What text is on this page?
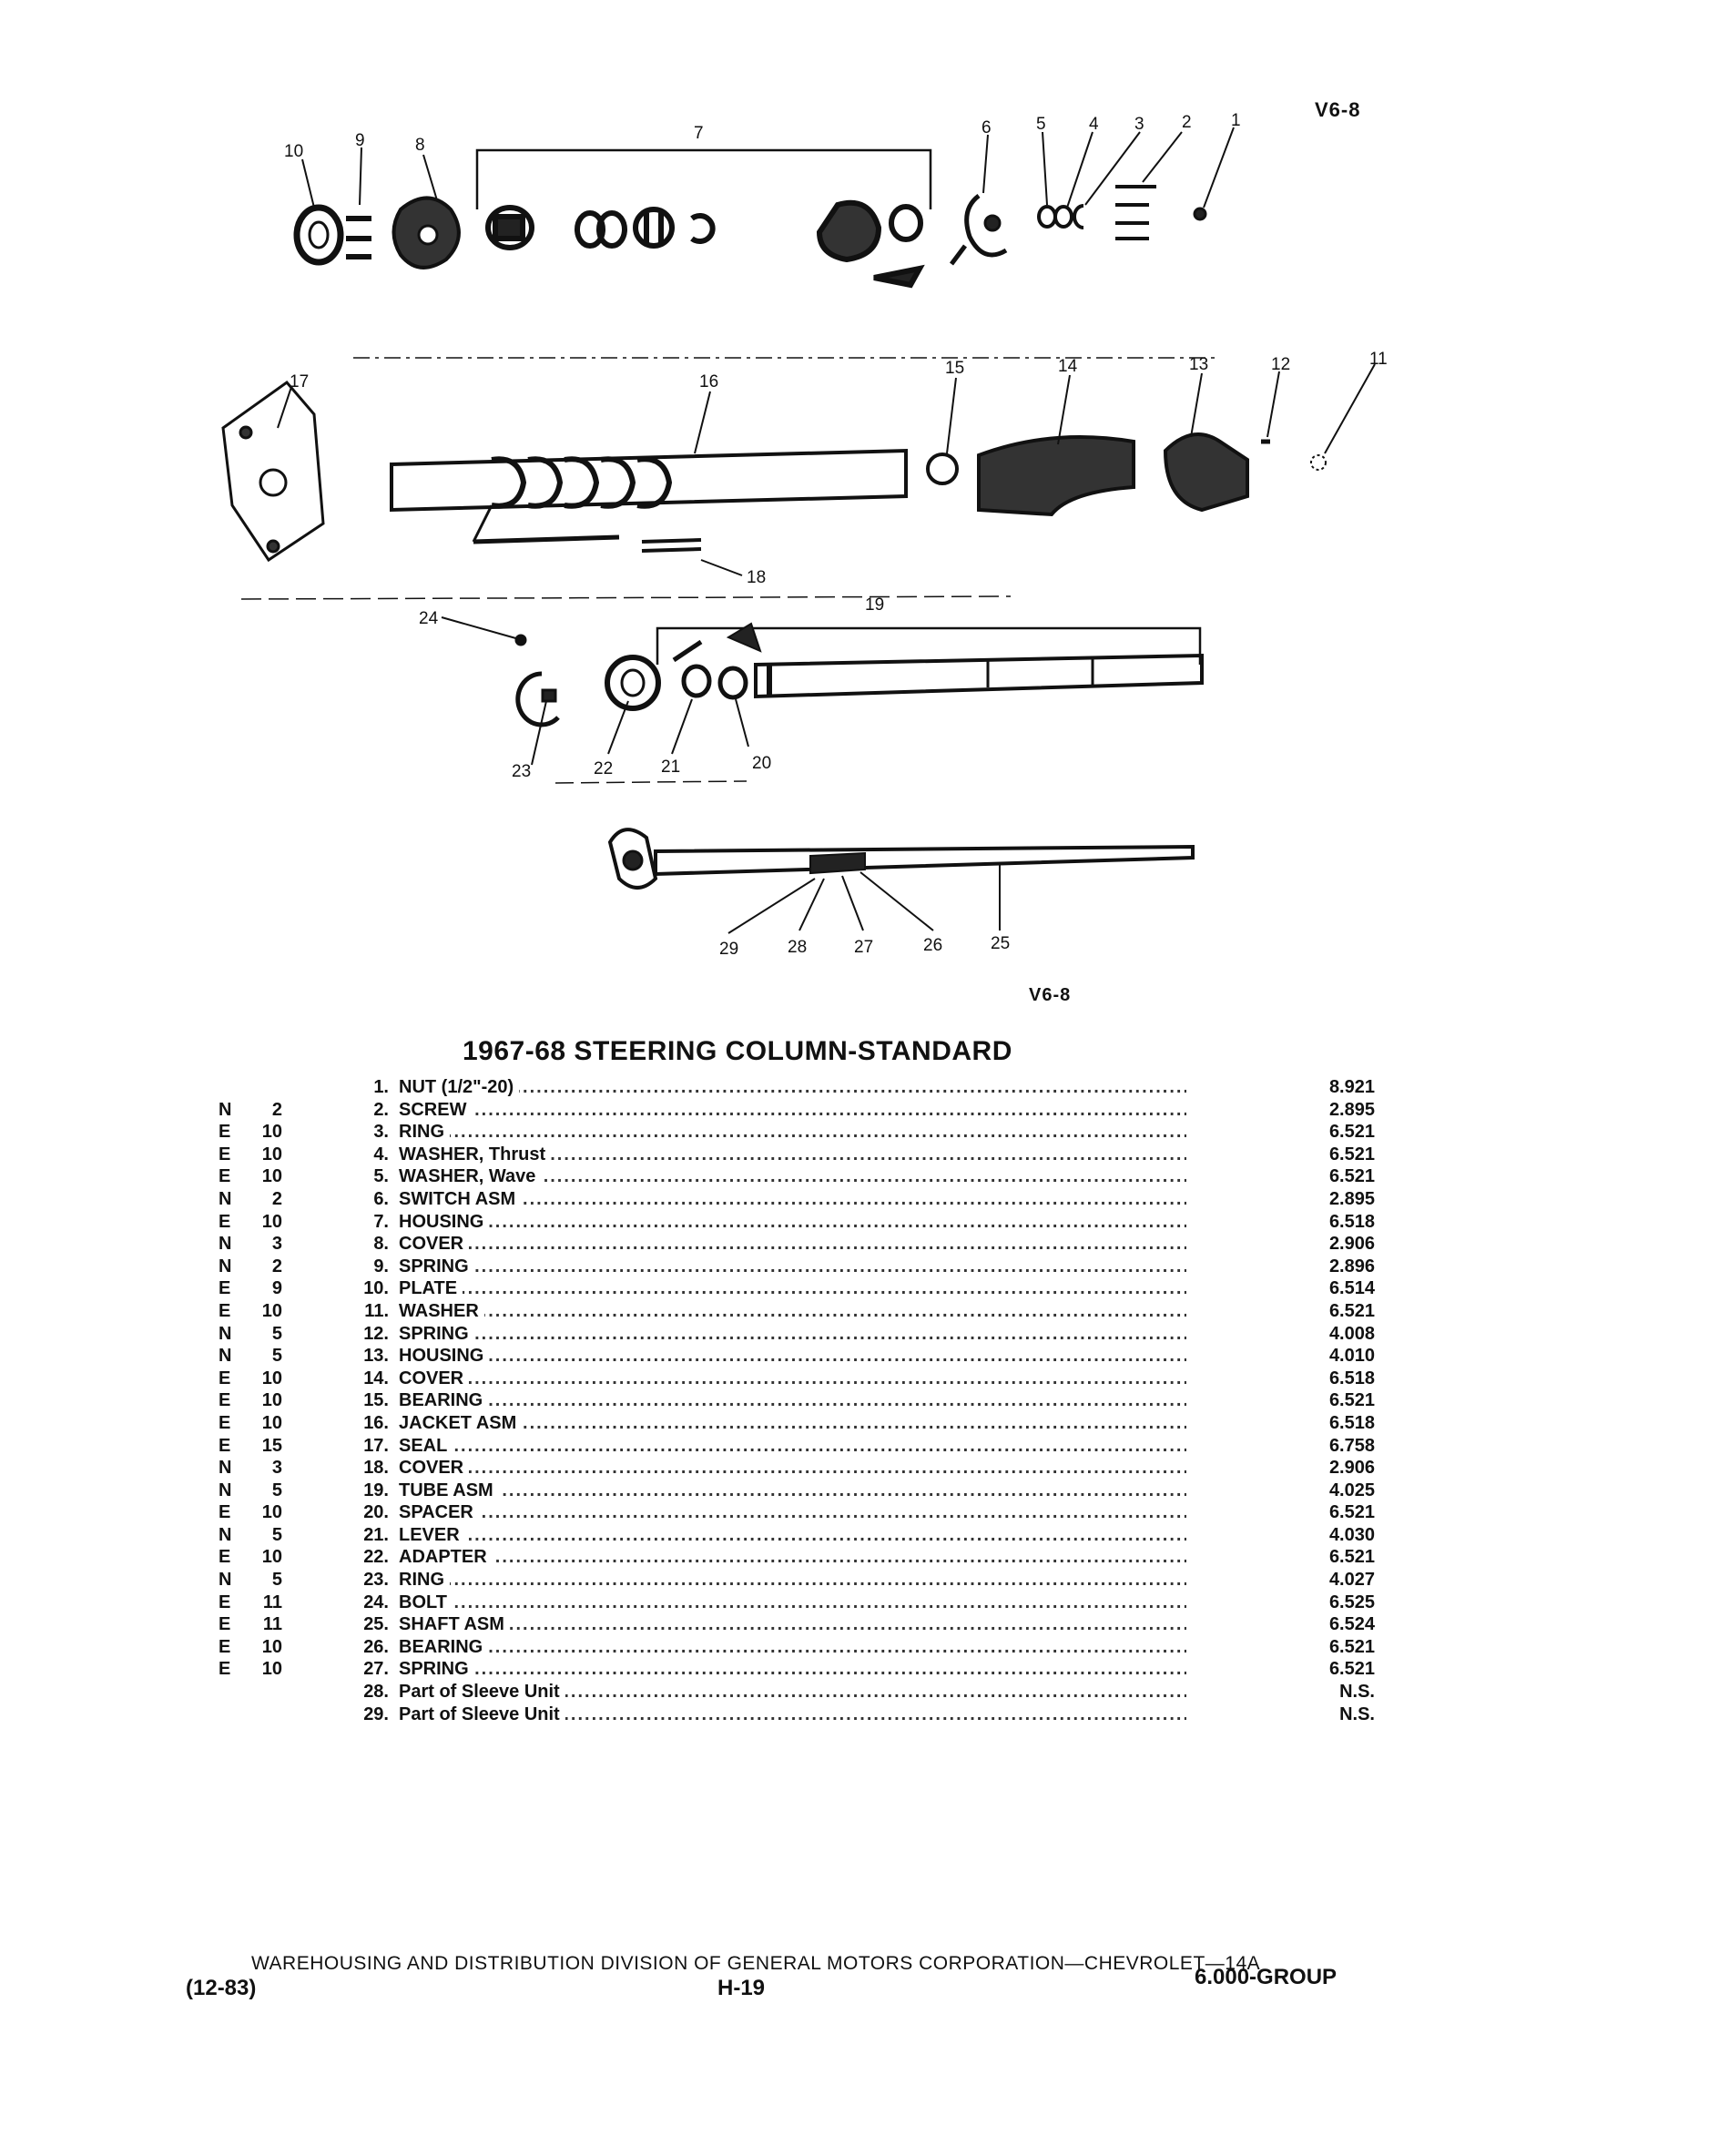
V6-8
10
9	8
7	6	5 4 3 2 1
17	16
15	14	13	12	11
18
24
19
23	22	21	20
29	28	27	26	25
V6-8
1967-68 STEERING COLUMN-STANDARD
1. ..... NUT (1/2"-20)	8.921
N	2	2. ..... SCREW	2.895
E	10	3. ..... RING	6.521
E	10	4. ..... WASHER, Thrust	6.521
E	10	5. ..... WASHER, Wave	6.521
N	2	6. ..... SWITCH ASM	2.895
E	10	7. ..... HOUSING	6.518
N	3	8. ..... COVER	2.906
N	2	9. ..... SPRING	2.896
E	9	10. ..... PLATE	6.514
E	10	11. ..... WASHER	6.521
N	5	12. ..... SPRING	4.008
N	5	13. ..... HOUSING	4.010
E	10	14. ..... COVER	6.518
E	10	15. ..... BEARING	6.521
E	10	16. ..... JACKET ASM	6.518
E	15	17. ..... SEAL	6.758
N	3	18. ..... COVER	2.906
N	5	19. ..... TUBE ASM	4.025
E	10	20. ..... SPACER	6.521
N	5	21. ..... LEVER	4.030
E	10	22. ..... ADAPTER	6.521
N	5	23. ..... RING	4.027
E	11	24. ..... BOLT	6.525
E	11	25. ..... SHAFT ASM	6.524
E	10	26. ..... BEARING	6.521
E	10	27. ..... SPRING	6.521
28. ..... Part of Sleeve Unit	N.S.
29. ..... Part of Sleeve Unit	N.S.
WAREHOUSING AND DISTRIBUTION DIVISION OF GENERAL MOTORS CORPORATION—CHEVROLET—14A
(12-83)	H-19	6.000-GROUP
